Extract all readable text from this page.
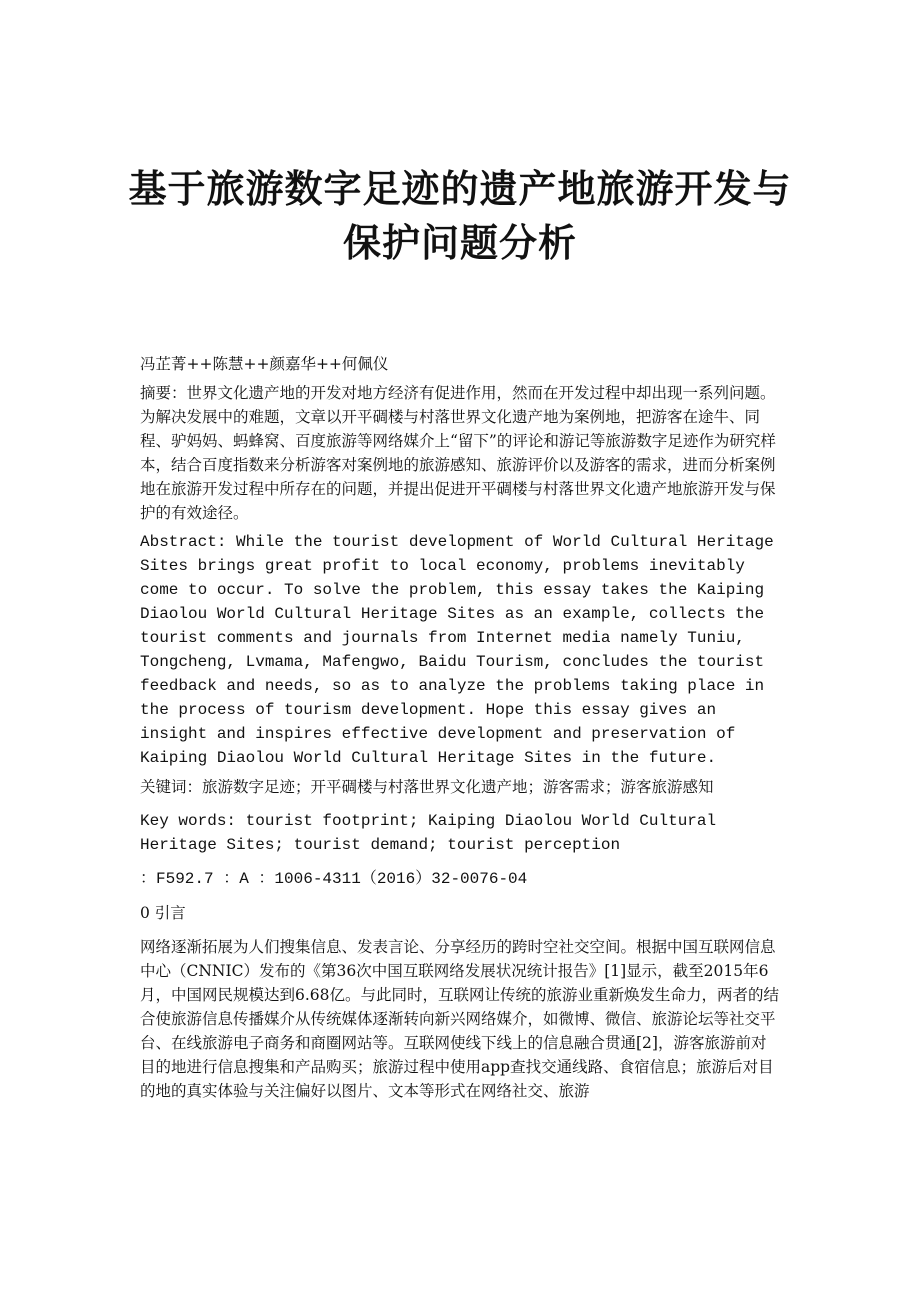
基于旅游数字足迹的遗产地旅游开发与
保护问题分析

冯芷菁++陈慧++颜嘉华++何佩仪

摘要：世界文化遗产地的开发对地方经济有促进作用，然而在开发过程中却出现一系列问题。为解决发展中的难题，文章以开平碉楼与村落世界文化遗产地为案例地，把游客在途牛、同程、驴妈妈、蚂蜂窝、百度旅游等网络媒介上“留下”的评论和游记等旅游数字足迹作为研究样本，结合百度指数来分析游客对案例地的旅游感知、旅游评价以及游客的需求，进而分析案例地在旅游开发过程中所存在的问题，并提出促进开平碉楼与村落世界文化遗产地旅游开发与保护的有效途径。

Abstract: While the tourist development of World Cultural Heritage Sites brings great profit to local economy, problems inevitably come to occur. To solve the problem, this essay takes the Kaiping Diaolou World Cultural Heritage Sites as an example, collects the tourist comments and journals from Internet media namely Tuniu, Tongcheng, Lvmama, Mafengwo, Baidu Tourism, concludes the tourist feedback and needs, so as to analyze the problems taking place in the process of tourism development. Hope this essay gives an insight and inspires effective development and preservation of Kaiping Diaolou World Cultural Heritage Sites in the future.

关键词：旅游数字足迹；开平碉楼与村落世界文化遗产地；游客需求；游客旅游感知

Key words: tourist footprint; Kaiping Diaolou World Cultural Heritage Sites; tourist demand; tourist perception

：F592.7 ：A ：1006-4311（2016）32-0076-04

0 引言

网络逐渐拓展为人们搜集信息、发表言论、分享经历的跨时空社交空间。根据中国互联网信息中心（CNNIC）发布的《第36次中国互联网络发展状况统计报告》[1]显示，截至2015年6月，中国网民规模达到6.68亿。与此同时，互联网让传统的旅游业重新焕发生命力，两者的结合使旅游信息传播媒介从传统媒体逐渐转向新兴网络媒介，如微博、微信、旅游论坛等社交平台、在线旅游电子商务和商圈网站等。互联网使线下线上的信息融合贯通[2]，游客旅游前对目的地进行信息搜集和产品购买；旅游过程中使用app查找交通线路、食宿信息；旅游后对目的地的真实体验与关注偏好以图片、文本等形式在网络社交、旅游
